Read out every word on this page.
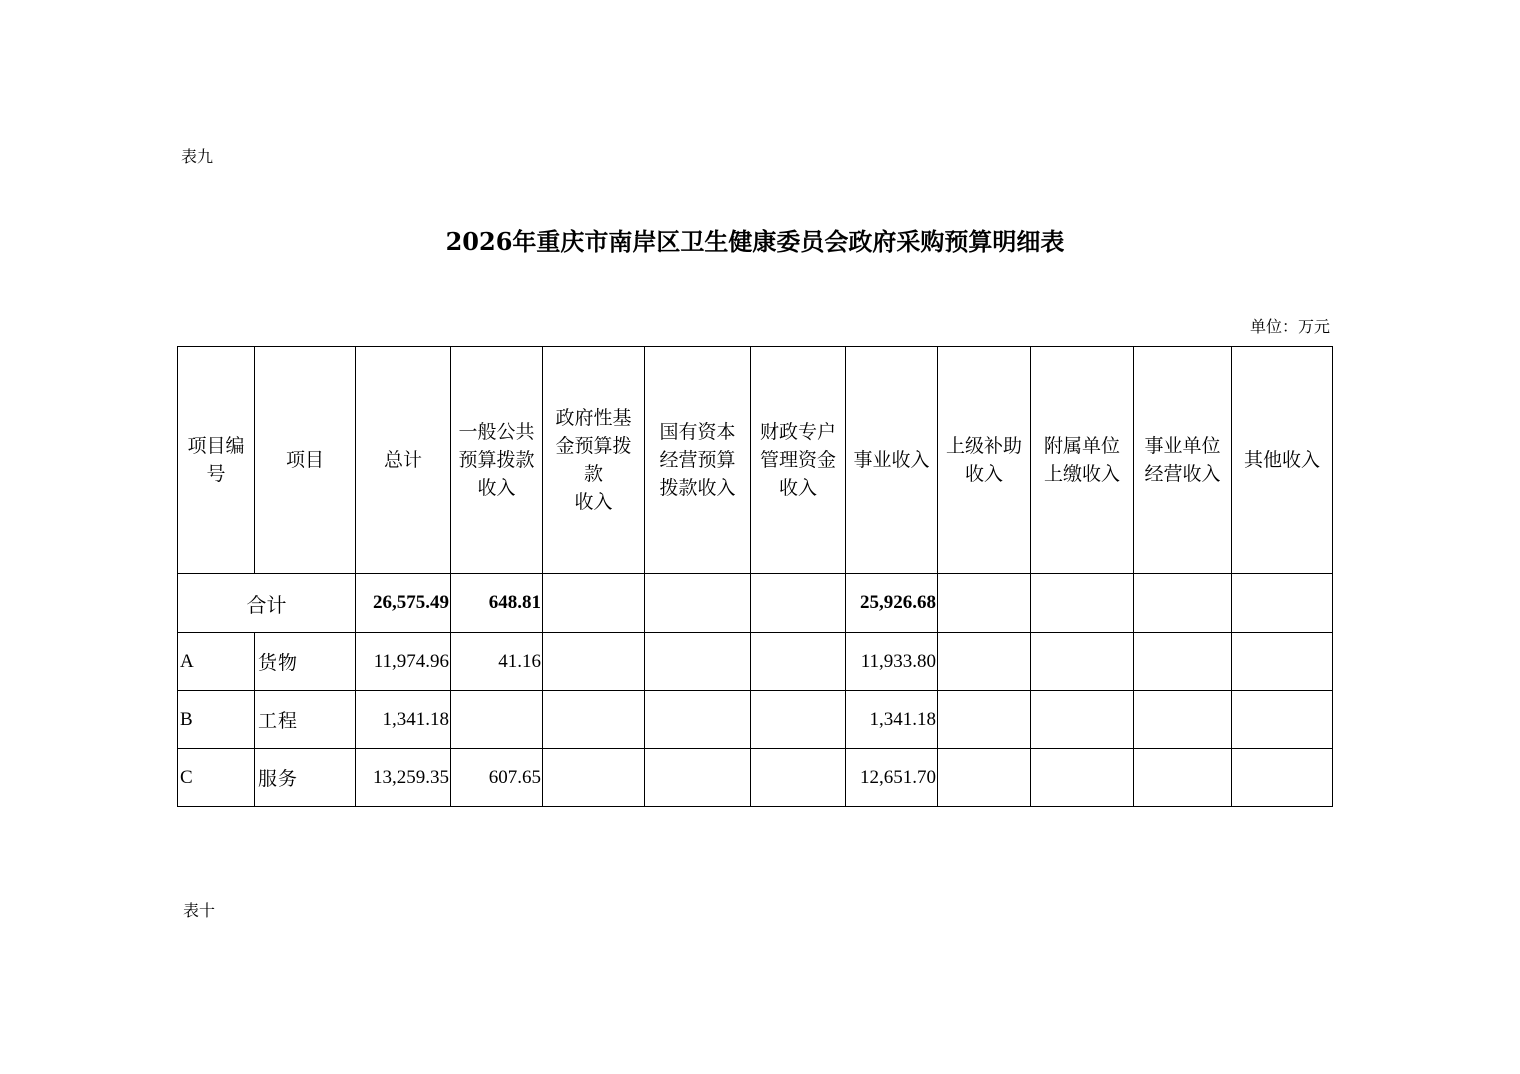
表九
2026年重庆市南岸区卫生健康委员会政府采购预算明细表
单位：万元
项目编
号	项目	总计	一般公共
预算拨款
收入	政府性基
金预算拨
款
收入	国有资本
经营预算
拨款收入	财政专户
管理资金
收入	事业收入	上级补助
收入	附属单位
上缴收入	事业单位
经营收入	其他收入

合计		26,575.49	648.81				25,926.68				
A	货物	11,974.96	41.16				11,933.80				
B	工程	1,341.18					1,341.18				
C	服务	13,259.35	607.65				12,651.70				
表十
